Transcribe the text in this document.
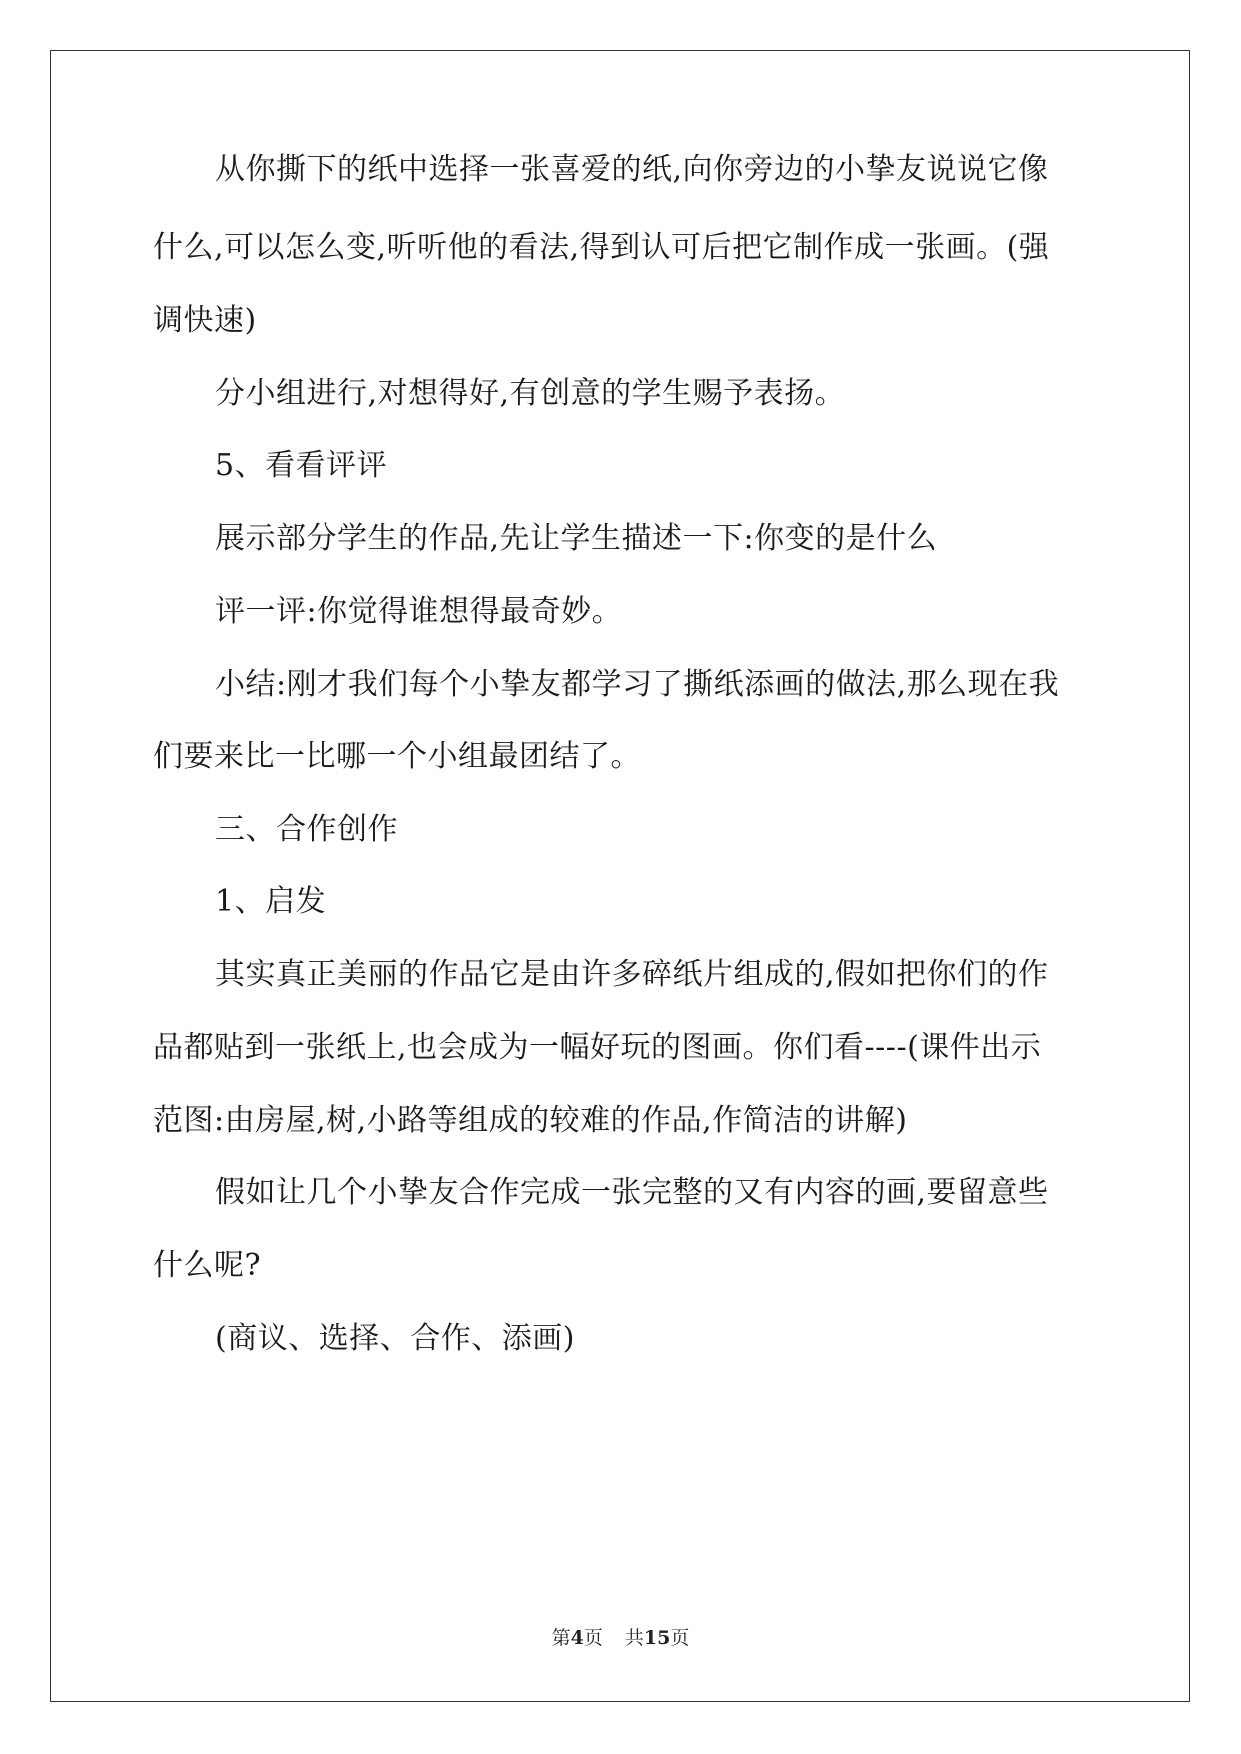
从你撕下的纸中选择一张喜爱的纸,向你旁边的小挚友说说它像
什么,可以怎么变,听听他的看法,得到认可后把它制作成一张画。(强
调快速)
分小组进行,对想得好,有创意的学生赐予表扬。
5、看看评评
展示部分学生的作品,先让学生描述一下:你变的是什么
评一评:你觉得谁想得最奇妙。
小结:刚才我们每个小挚友都学习了撕纸添画的做法,那么现在我
们要来比一比哪一个小组最团结了。
三、合作创作
1、启发
其实真正美丽的作品它是由许多碎纸片组成的,假如把你们的作
品都贴到一张纸上,也会成为一幅好玩的图画。你们看----(课件出示
范图:由房屋,树,小路等组成的较难的作品,作简洁的讲解)
假如让几个小挚友合作完成一张完整的又有内容的画,要留意些
什么呢?
(商议、选择、合作、添画)
第4页 共15页
